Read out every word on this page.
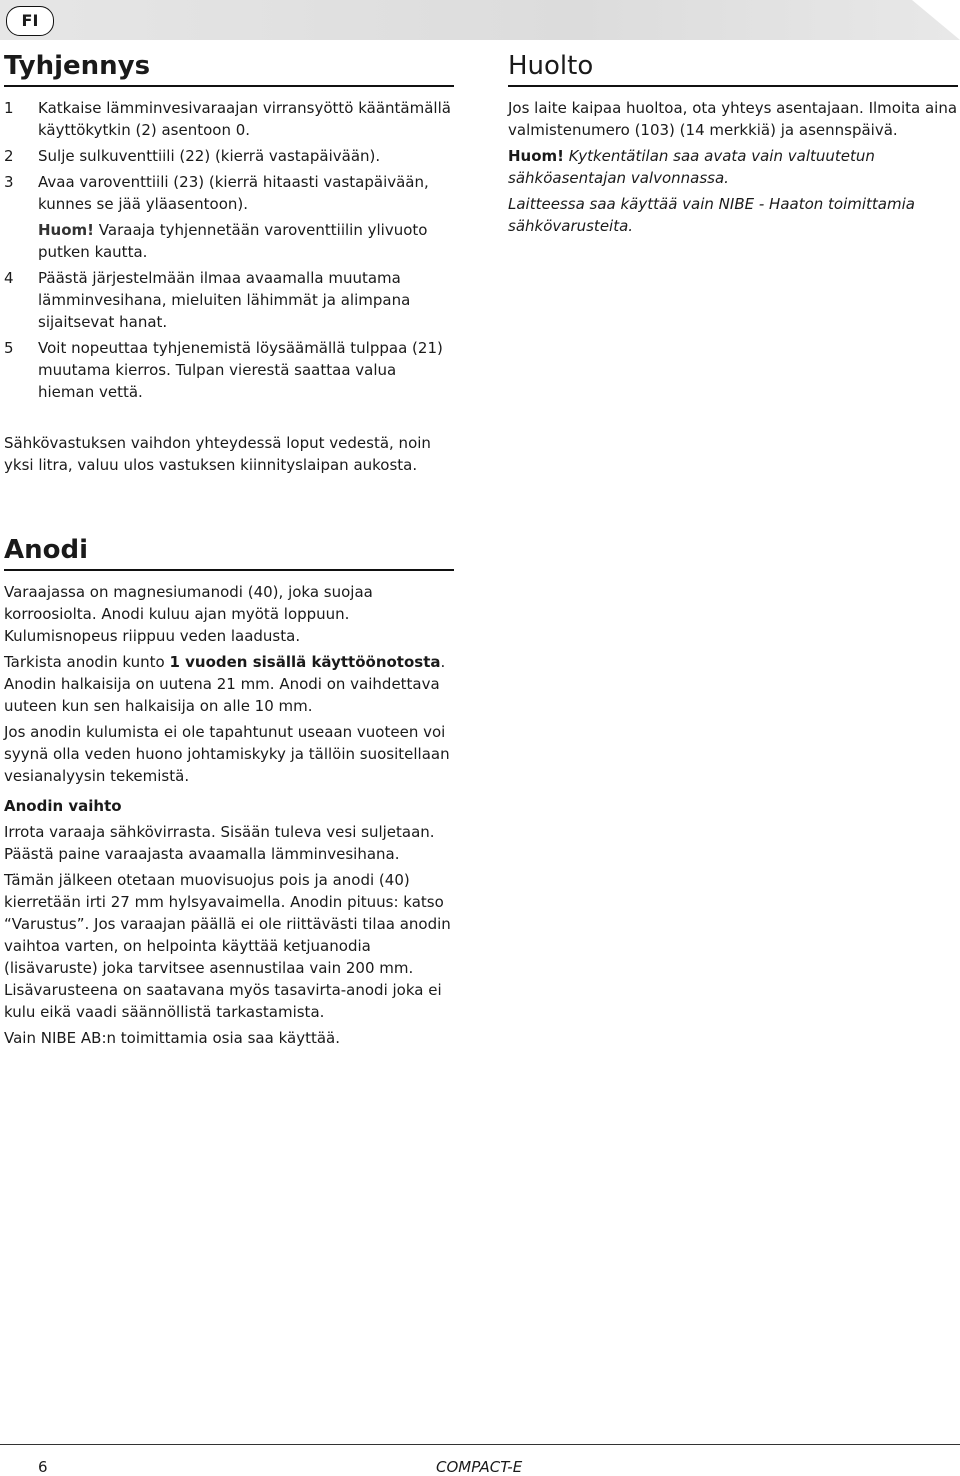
FI
Tyhjennys
1 Katkaise lämminvesivaraajan virransyöttö kääntämällä käyttökytkin (2) asentoon 0.
2 Sulje sulkuventtiili (22) (kierrä vastapäivään).
3 Avaa varoventtiili (23) (kierrä hitaasti vastapäivään, kunnes se jää yläasentoon).
Huom! Varaaja tyhjennetään varoventtiilin ylivuoto putken kautta.
4 Päästä järjestelmään ilmaa avaamalla muutama lämminvesihana, mieluiten lähimmät ja alimpana sijaitsevat hanat.
5 Voit nopeuttaa tyhjenemistä löysäämällä tulppaa (21) muutama kierros. Tulpan vierestä saattaa valua hieman vettä.

Sähkövastuksen vaihdon yhteydessä loput vedestä, noin yksi litra, valuu ulos vastuksen kiinnityslaipan aukosta.

Huolto

Jos laite kaipaa huoltoa, ota yhteys asentajaan. Ilmoita aina valmistenumero (103) (14 merkkiä) ja asennspäivä.

Huom! Kytkentätilan saa avata vain valtuutetun sähköasentajan valvonnassa.

Laitteessa saa käyttää vain NIBE - Haaton toimittamia sähkövarusteita.

Anodi

Varaajassa on magnesiumanodi (40), joka suojaa korroosiolta. Anodi kuluu ajan myötä loppuun. Kulumisnopeus riippuu veden laadusta.

Tarkista anodin kunto 1 vuoden sisällä käyttöönotosta. Anodin halkaisija on uutena 21 mm. Anodi on vaihdettava uuteen kun sen halkaisija on alle 10 mm.

Jos anodin kulumista ei ole tapahtunut useaan vuoteen voi syynä olla veden huono johtamiskyky ja tällöin suositellaan vesianalyysin tekemistä.

Anodin vaihto

Irrota varaaja sähkövirrasta. Sisään tuleva vesi suljetaan. Päästä paine varaajasta avaamalla lämminvesihana.

Tämän jälkeen otetaan muovisuojus pois ja anodi (40) kierretään irti 27 mm hylsyavaimella. Anodin pituus: katso “Varustus”. Jos varaajan päällä ei ole riittävästi tilaa anodin vaihtoa varten, on helpointa käyttää ketjuanodia (lisävaruste) joka tarvitsee asennustilaa vain 200 mm. Lisävarusteena on saatavana myös tasavirta-anodi joka ei kulu eikä vaadi säännöllistä tarkastamista.

Vain NIBE AB:n toimittamia osia saa käyttää.

6	COMPACT-E
